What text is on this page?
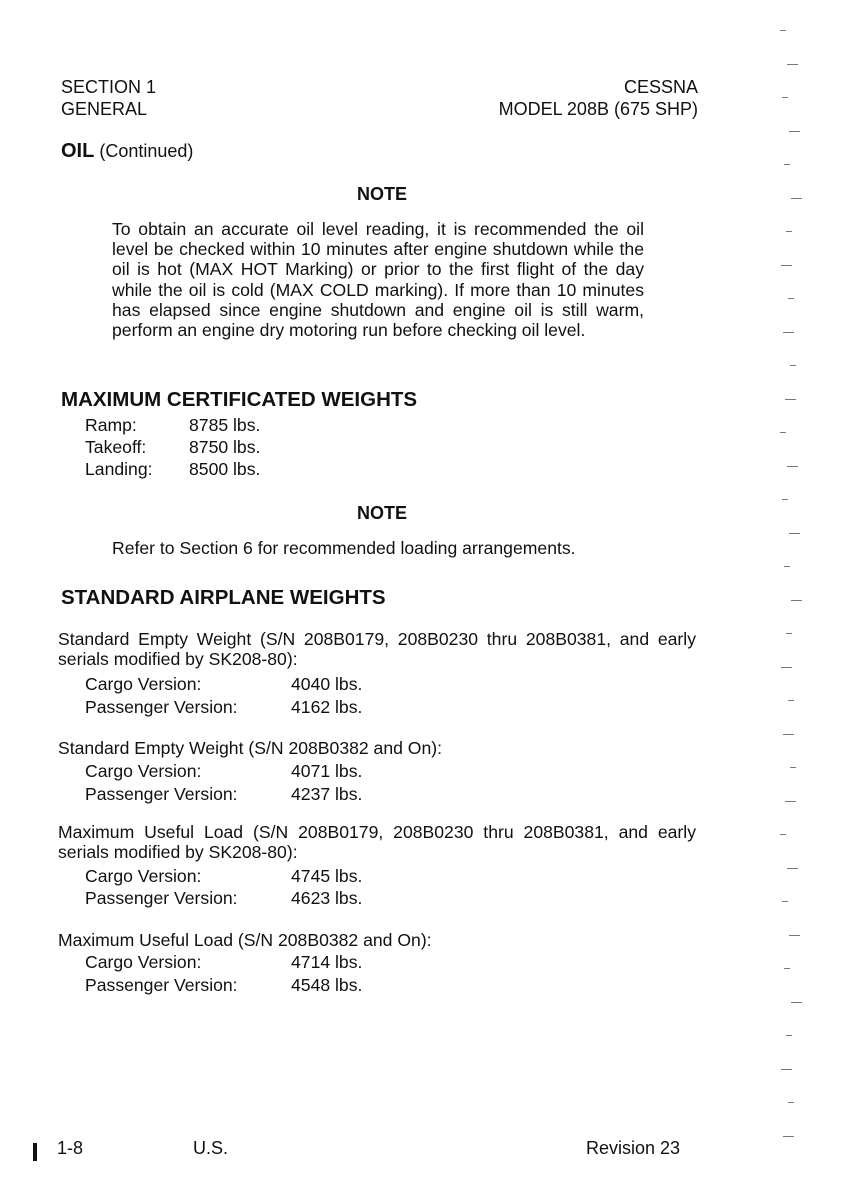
SECTION 1
GENERAL
CESSNA
MODEL 208B (675 SHP)
OIL (Continued)
NOTE
To obtain an accurate oil level reading, it is recommended the oil level be checked within 10 minutes after engine shutdown while the oil is hot (MAX HOT Marking) or prior to the first flight of the day while the oil is cold (MAX COLD marking). If more than 10 minutes has elapsed since engine shutdown and engine oil is still warm, perform an engine dry motoring run before checking oil level.
MAXIMUM CERTIFICATED WEIGHTS
Ramp:	8785 lbs.
Takeoff: 8750 lbs.
Landing: 8500 lbs.
NOTE
Refer to Section 6 for recommended loading arrangements.
STANDARD AIRPLANE WEIGHTS
Standard Empty Weight (S/N 208B0179, 208B0230 thru 208B0381, and early serials modified by SK208-80):
Cargo Version:	4040 lbs.
Passenger Version:	4162 lbs.
Standard Empty Weight (S/N 208B0382 and On):
Cargo Version:	4071 lbs.
Passenger Version:	4237 lbs.
Maximum Useful Load (S/N 208B0179, 208B0230 thru 208B0381, and early serials modified by SK208-80):
Cargo Version:	4745 lbs.
Passenger Version:	4623 lbs.
Maximum Useful Load (S/N 208B0382 and On):
Cargo Version:	4714 lbs.
Passenger Version:	4548 lbs.
1-8	U.S.	Revision 23
